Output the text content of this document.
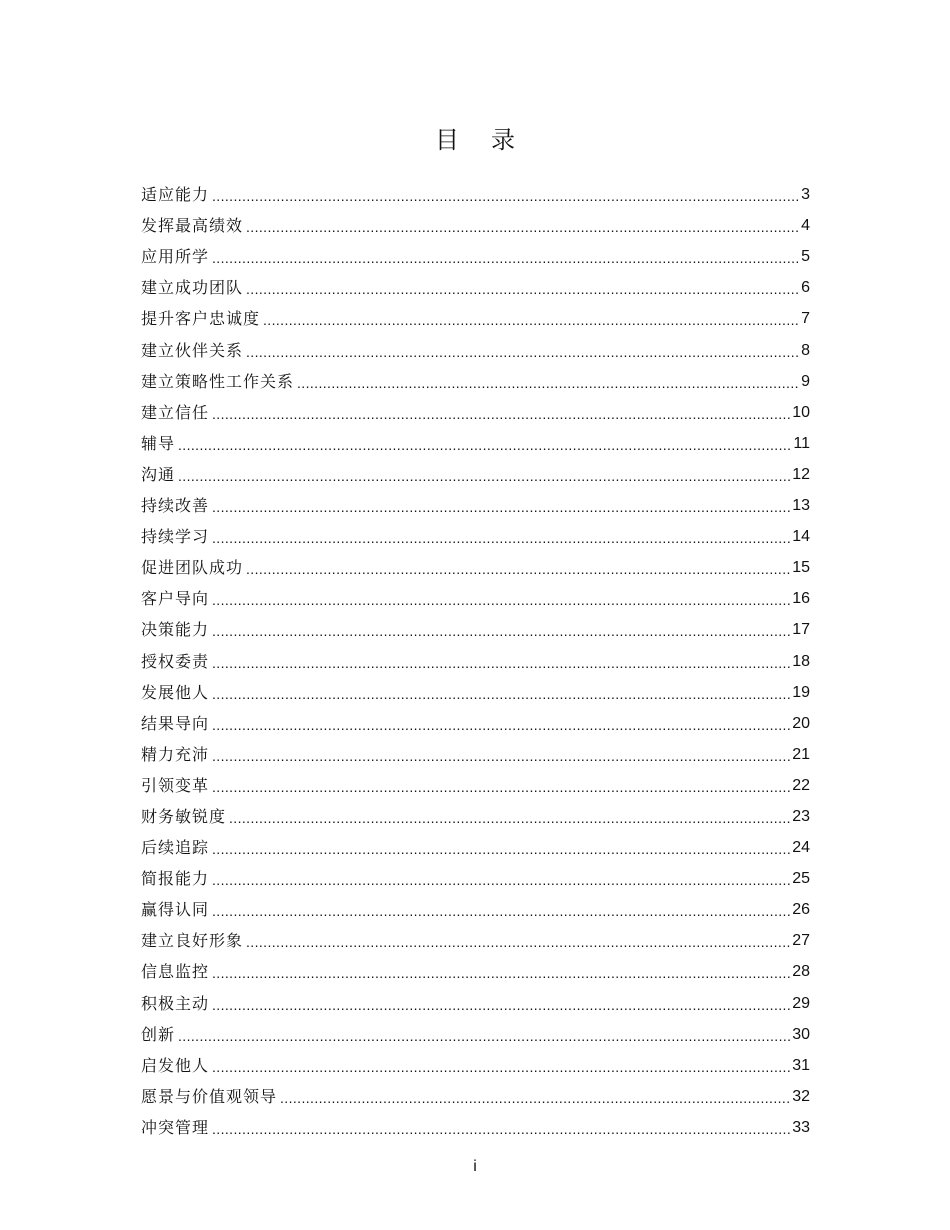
目录
适应能力 .....	3
发挥最高绩效 .....	4
应用所学 .....	5
建立成功团队 .....	6
提升客户忠诚度 .....	7
建立伙伴关系 .....	8
建立策略性工作关系 .....	9
建立信任 .....	10
辅导 .....	11
沟通 .....	12
持续改善 .....	13
持续学习 .....	14
促进团队成功 .....	15
客户导向 .....	16
决策能力 .....	17
授权委责 .....	18
发展他人 .....	19
结果导向 .....	20
精力充沛 .....	21
引领变革 .....	22
财务敏锐度 .....	23
后续追踪 .....	24
简报能力 .....	25
赢得认同 .....	26
建立良好形象 .....	27
信息监控 .....	28
积极主动 .....	29
创新 .....	30
启发他人 .....	31
愿景与价值观领导 .....	32
冲突管理 .....	33
i
